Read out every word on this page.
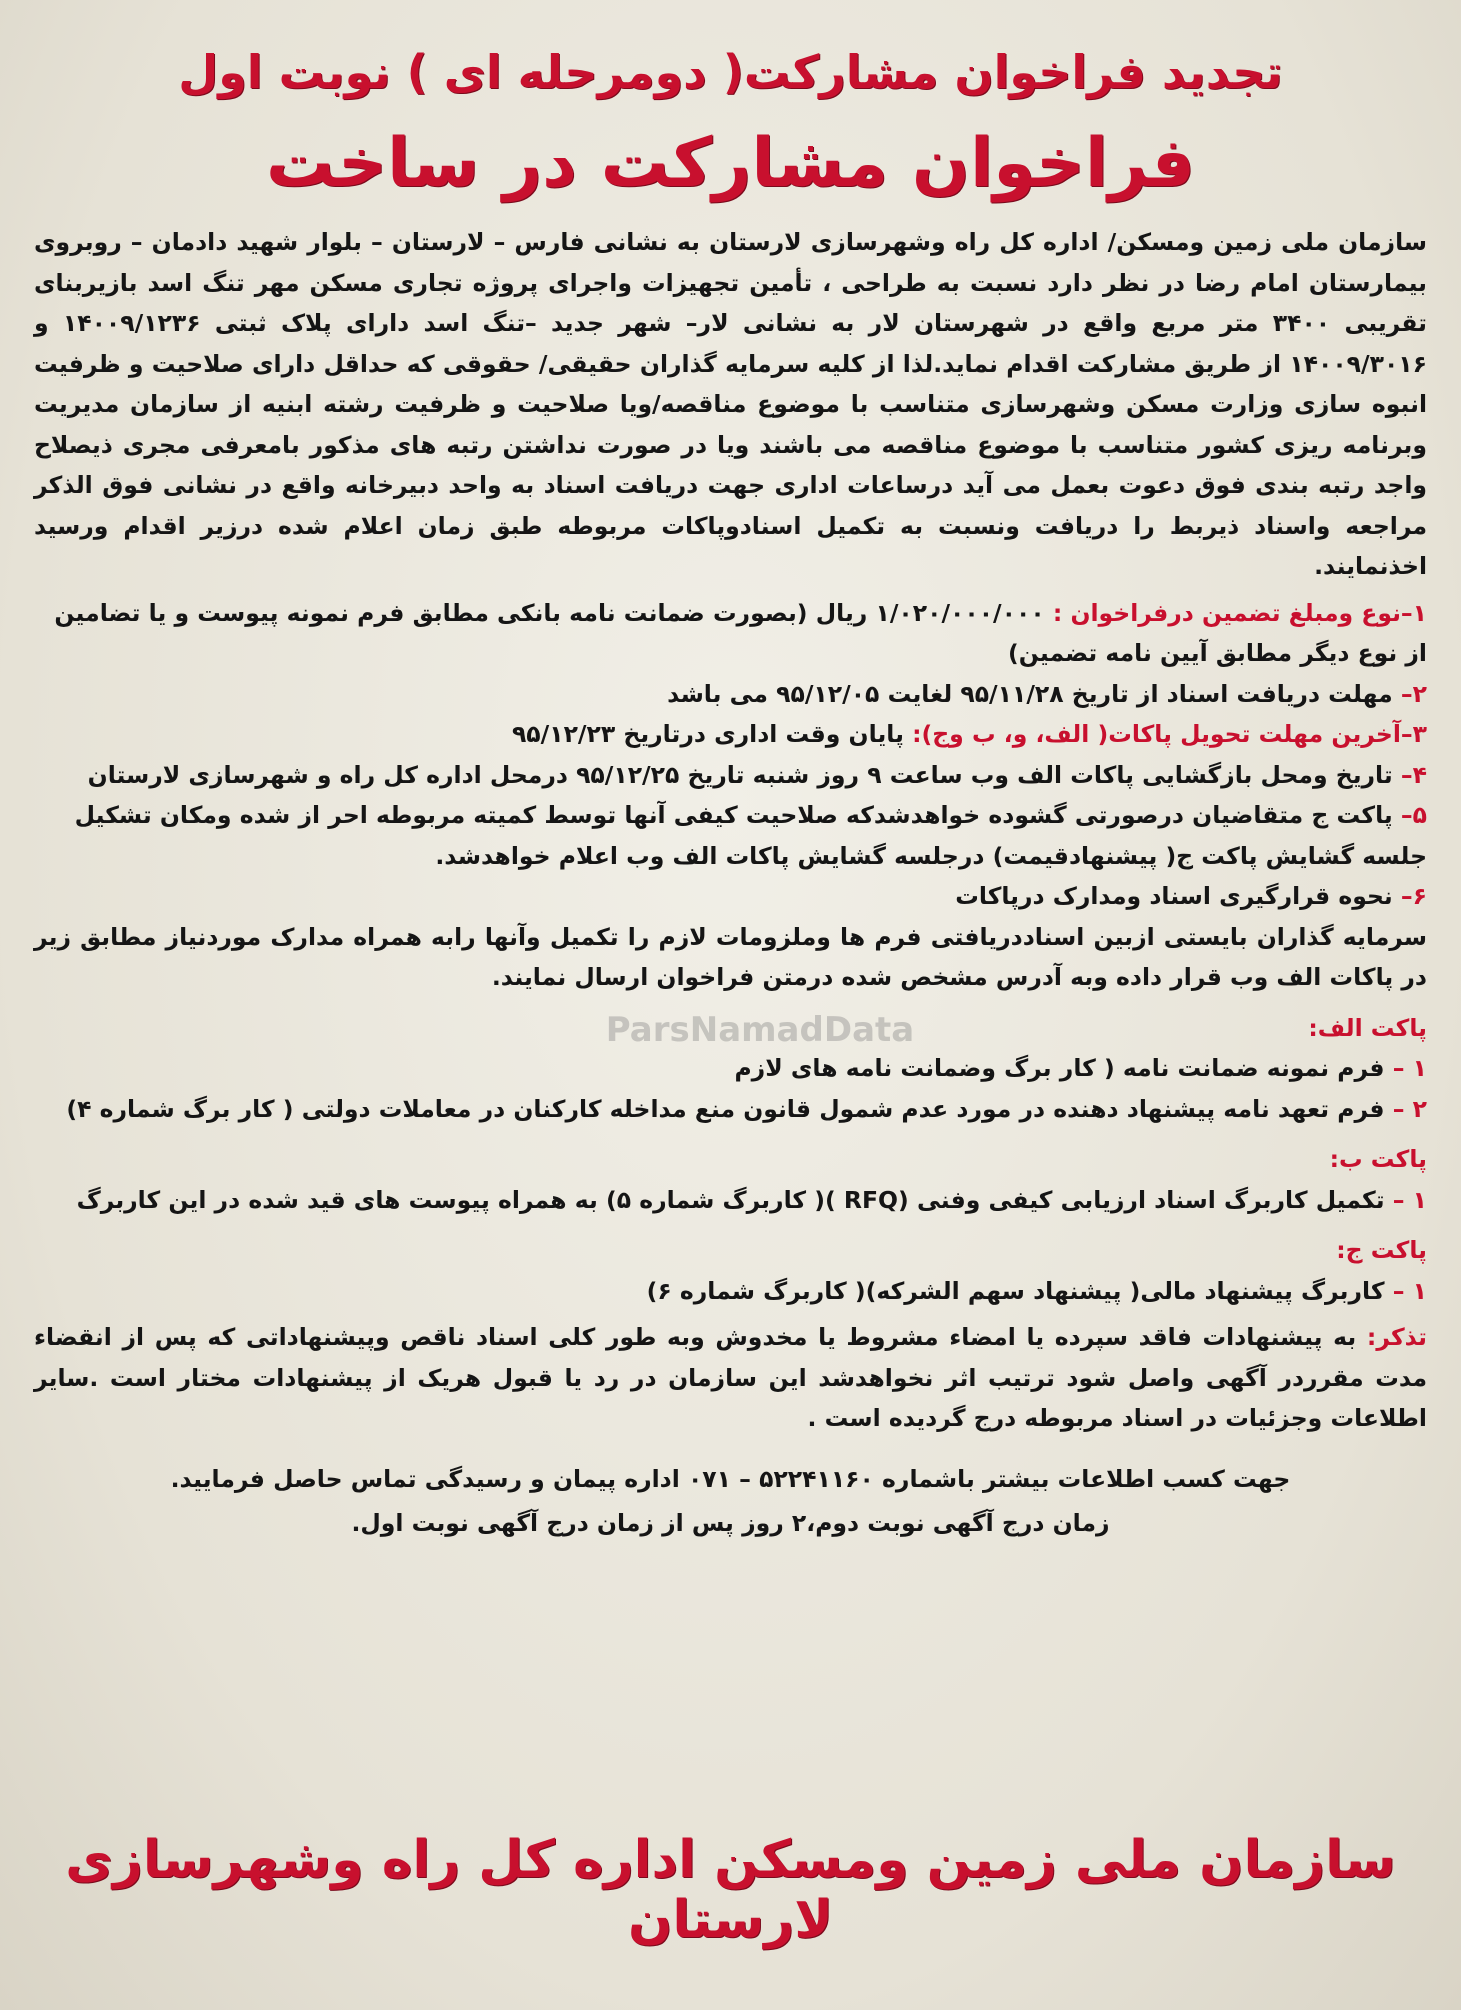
تجدید فراخوان مشارکت( دومرحله ای ) نوبت اول
فراخوان مشارکت در ساخت

سازمان ملی زمین ومسکن/ اداره کل راه وشهرسازی لارستان به نشانی فارس – لارستان – بلوار شهید دادمان – روبروی بیمارستان امام رضا در نظر دارد نسبت به طراحی ، تأمین تجهیزات واجرای پروژه تجاری مسکن مهر تنگ اسد بازیربنای تقریبی ۳۴۰۰ متر مربع واقع در شهرستان لار به نشانی لار– شهر جدید –تنگ اسد دارای پلاک ثبتی ۱۴۰۰۹/۱۲۳۶ و ۱۴۰۰۹/۳۰۱۶ از طریق مشارکت اقدام نماید.لذا از کلیه سرمایه گذاران حقیقی/ حقوقی که حداقل دارای صلاحیت و ظرفیت انبوه سازی وزارت مسکن وشهرسازی متناسب با موضوع مناقصه/ویا صلاحیت و ظرفیت رشته ابنیه از سازمان مدیریت وبرنامه ریزی کشور متناسب با موضوع مناقصه می باشند ویا در صورت نداشتن رتبه های مذکور بامعرفی مجری ذیصلاح واجد رتبه بندی فوق دعوت بعمل می آید درساعات اداری جهت دریافت اسناد به واحد دبیرخانه واقع در نشانی فوق الذکر مراجعه واسناد ذیربط را دریافت ونسبت به تکمیل اسنادوپاکات مربوطه طبق زمان اعلام شده درزیر اقدام ورسید اخذنمایند.

۱–نوع ومبلغ تضمین درفراخوان : ۱/۰۲۰/۰۰۰/۰۰۰ ریال (بصورت ضمانت نامه بانکی مطابق فرم نمونه پیوست و یا تضامین از نوع دیگر مطابق آیین نامه تضمین)

۲– مهلت دریافت اسناد از تاریخ ۹۵/۱۱/۲۸ لغایت ۹۵/۱۲/۰۵ می باشد

۳–آخرین مهلت تحویل پاکات( الف، و، ب وج): پایان وقت اداری درتاریخ ۹۵/۱۲/۲۳

۴– تاریخ ومحل بازگشایی پاکات الف وب ساعت ۹ روز شنبه تاریخ ۹۵/۱۲/۲۵ درمحل اداره کل راه و شهرسازی لارستان

۵– پاکت ج متقاضیان درصورتی گشوده خواهدشدکه صلاحیت کیفی آنها توسط کمیته مربوطه احر از شده ومکان تشکیل جلسه گشایش پاکت ج( پیشنهادقیمت) درجلسه گشایش پاکات الف وب اعلام خواهدشد.

۶– نحوه قرارگیری اسناد ومدارک درپاکات

سرمایه گذاران بایستی ازبین اسناددریافتی فرم ها وملزومات لازم را تکمیل وآنها رابه همراه مدارک موردنیاز مطابق زیر در پاکات الف وب قرار داده وبه آدرس مشخص شده درمتن فراخوان ارسال نمایند.

پاکت الف:

۱ – فرم نمونه ضمانت نامه ( کار برگ وضمانت نامه های لازم

۲ – فرم تعهد نامه پیشنهاد دهنده در مورد عدم شمول قانون منع مداخله کارکنان در معاملات دولتی ( کار برگ شماره ۴)

پاکت ب:

۱ – تکمیل کاربرگ اسناد ارزیابی کیفی وفنی (RFQ )( کاربرگ شماره ۵) به همراه پیوست های قید شده در این کاربرگ

پاکت ج:

۱ – کاربرگ پیشنهاد مالی( پیشنهاد سهم الشرکه)( کاربرگ شماره ۶)

تذکر: به پیشنهادات فاقد سپرده یا امضاء مشروط یا مخدوش وبه طور کلی اسناد ناقص وپیشنهاداتی که پس از انقضاء مدت مقرردر آگهی واصل شود ترتیب اثر نخواهدشد این سازمان در رد یا قبول هریک از پیشنهادات مختار است .سایر اطلاعات وجزئیات در اسناد مربوطه درج گردیده است .

جهت کسب اطلاعات بیشتر باشماره ۵۲۲۴۱۱۶۰ – ۰۷۱ اداره پیمان و رسیدگی تماس حاصل فرمایید.

زمان درج آگهی نوبت دوم،۲ روز پس از زمان درج آگهی نوبت اول.

ParsNamadData
سازمان ملی زمین ومسکن اداره کل راه وشهرسازی لارستان
